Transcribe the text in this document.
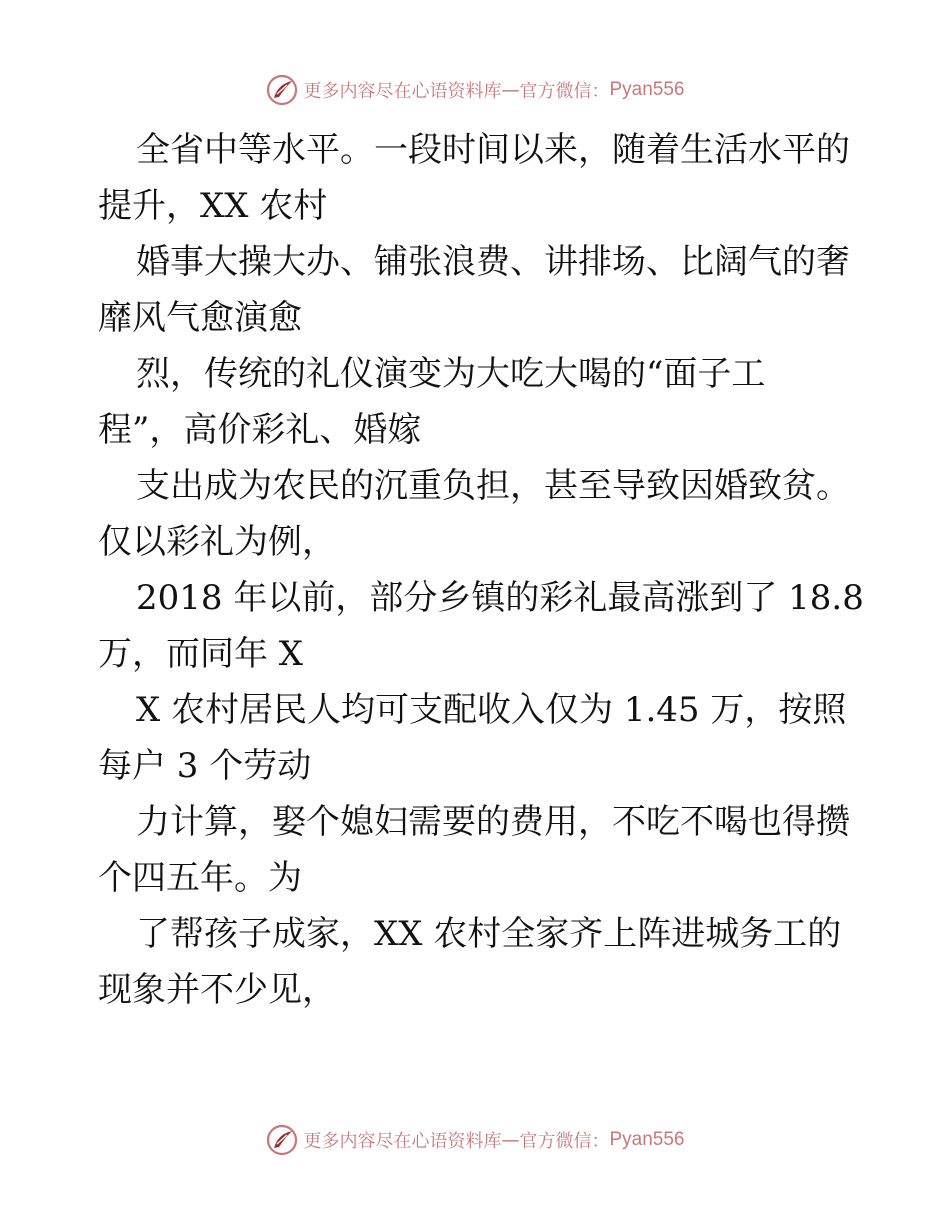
更多内容尽在心语资料库 — 官方微信： Pyan556
全省中等水平。一段时间以来，随着生活水平的
提升，XX 农村
婚事大操大办、铺张浪费、讲排场、比阔气的奢
靡风气愈演愈
烈，传统的礼仪演变为大吃大喝的“面子工
程”，高价彩礼、婚嫁
支出成为农民的沉重负担，甚至导致因婚致贫。
仅以彩礼为例，
2018 年以前，部分乡镇的彩礼最高涨到了 18.8
万，而同年 X
X 农村居民人均可支配收入仅为 1.45 万，按照
每户 3 个劳动
力计算，娶个媳妇需要的费用，不吃不喝也得攒
个四五年。为
了帮孩子成家，XX 农村全家齐上阵进城务工的
现象并不少见，
更多内容尽在心语资料库 — 官方微信： Pyan556
